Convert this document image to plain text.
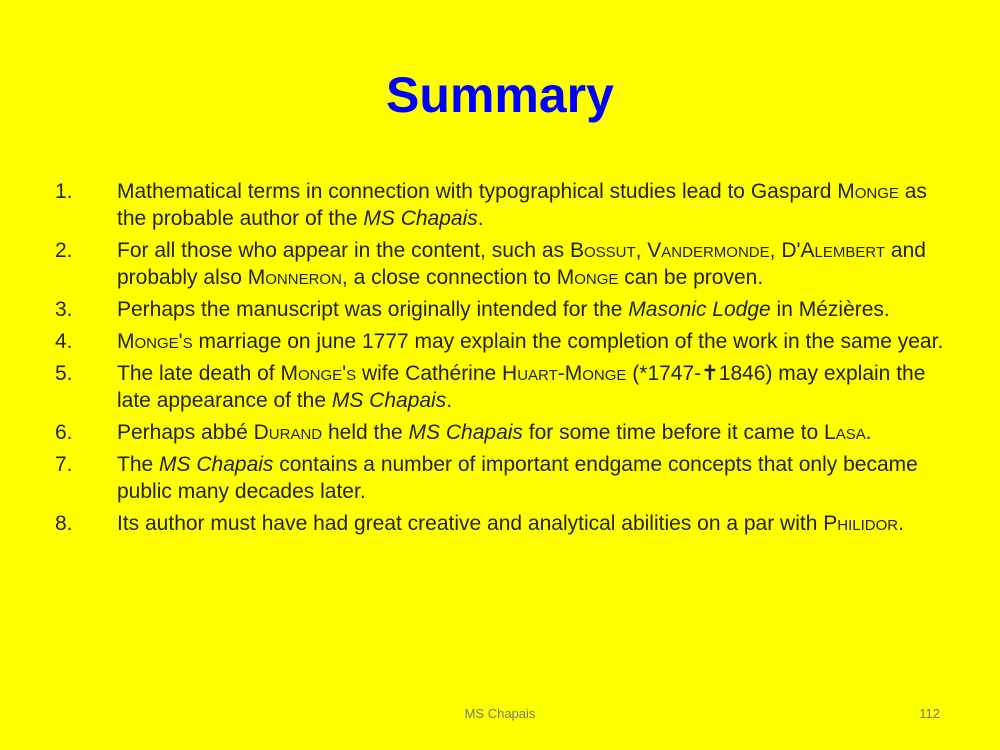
Summary
1.	Mathematical terms in connection with typographical studies lead to Gaspard Monge as the probable author of the MS Chapais.
2.	For all those who appear in the content, such as Bossut, Vandermonde, D'Alembert and probably also Monneron, a close connection to Monge can be proven.
3.	Perhaps the manuscript was originally intended for the Masonic Lodge in Mézières.
4.	Monge's marriage on june 1777 may explain the completion of the work in the same year.
5.	The late death of Monge's wife Cathérine Huart-Monge (*1747-✝1846) may explain the late appearance of the MS Chapais.
6.	Perhaps abbé Durand held the MS Chapais for some time before it came to Lasa.
7.	The MS Chapais contains a number of important endgame concepts that only became public many decades later.
8.	Its author must have had great creative and analytical abilities on a par with Philidor.
MS Chapais	112
